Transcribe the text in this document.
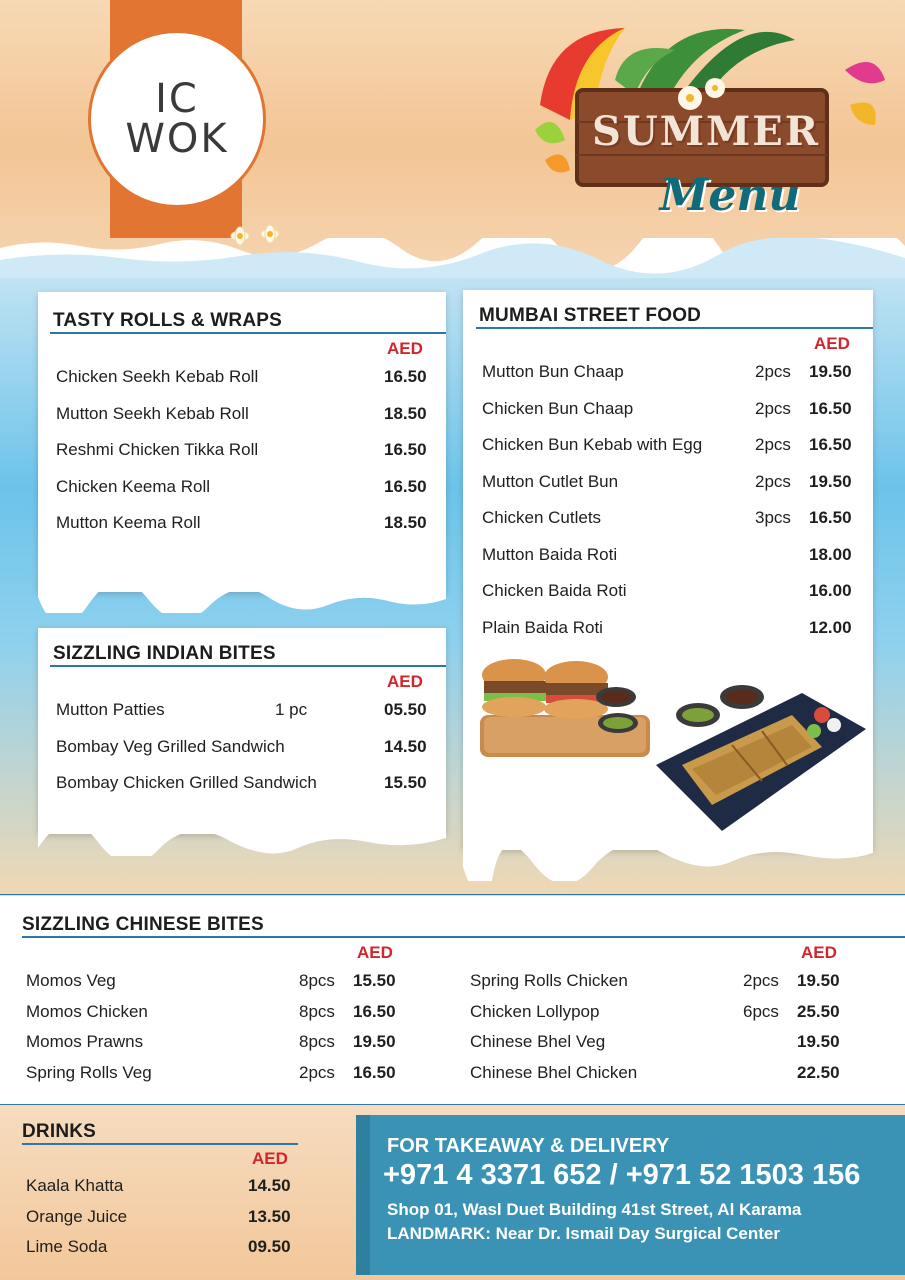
IC WOK	SUMMER
Menu
TASTY ROLLS & WRAPS
AED
Chicken Seekh Kebab Roll	16.50
Mutton Seekh Kebab Roll	18.50
Reshmi Chicken Tikka Roll	16.50
Chicken Keema Roll	16.50
Mutton Keema Roll	18.50
SIZZLING INDIAN BITES
AED
Mutton Patties	1 pc	05.50
Bombay Veg Grilled Sandwich	14.50
Bombay Chicken Grilled Sandwich	15.50
MUMBAI STREET FOOD
AED
Mutton Bun Chaap	2pcs 19.50
Chicken Bun Chaap	2pcs 16.50
Chicken Bun Kebab with Egg	2pcs 16.50
Mutton Cutlet Bun	2pcs 19.50
Chicken Cutlets	3pcs 16.50
Mutton Baida Roti	18.00
Chicken Baida Roti	16.00
Plain Baida Roti	12.00
SIZZLING CHINESE BITES
AED	AED
Momos Veg	8pcs 15.50
Momos Chicken	8pcs 16.50
Momos Prawns	8pcs 19.50
Spring Rolls Veg	2pcs 16.50
Spring Rolls Chicken	2pcs 19.50
Chicken Lollypop	6pcs 25.50
Chinese Bhel Veg	19.50
Chinese Bhel Chicken	22.50
DRINKS
AED
Kaala Khatta	14.50
Orange Juice	13.50
Lime Soda	09.50
FOR TAKEAWAY & DELIVERY
+971 4 3371 652 / +971 52 1503 156
Shop 01, Wasl Duet Building 41st Street, Al Karama
LANDMARK: Near Dr. Ismail Day Surgical Center
